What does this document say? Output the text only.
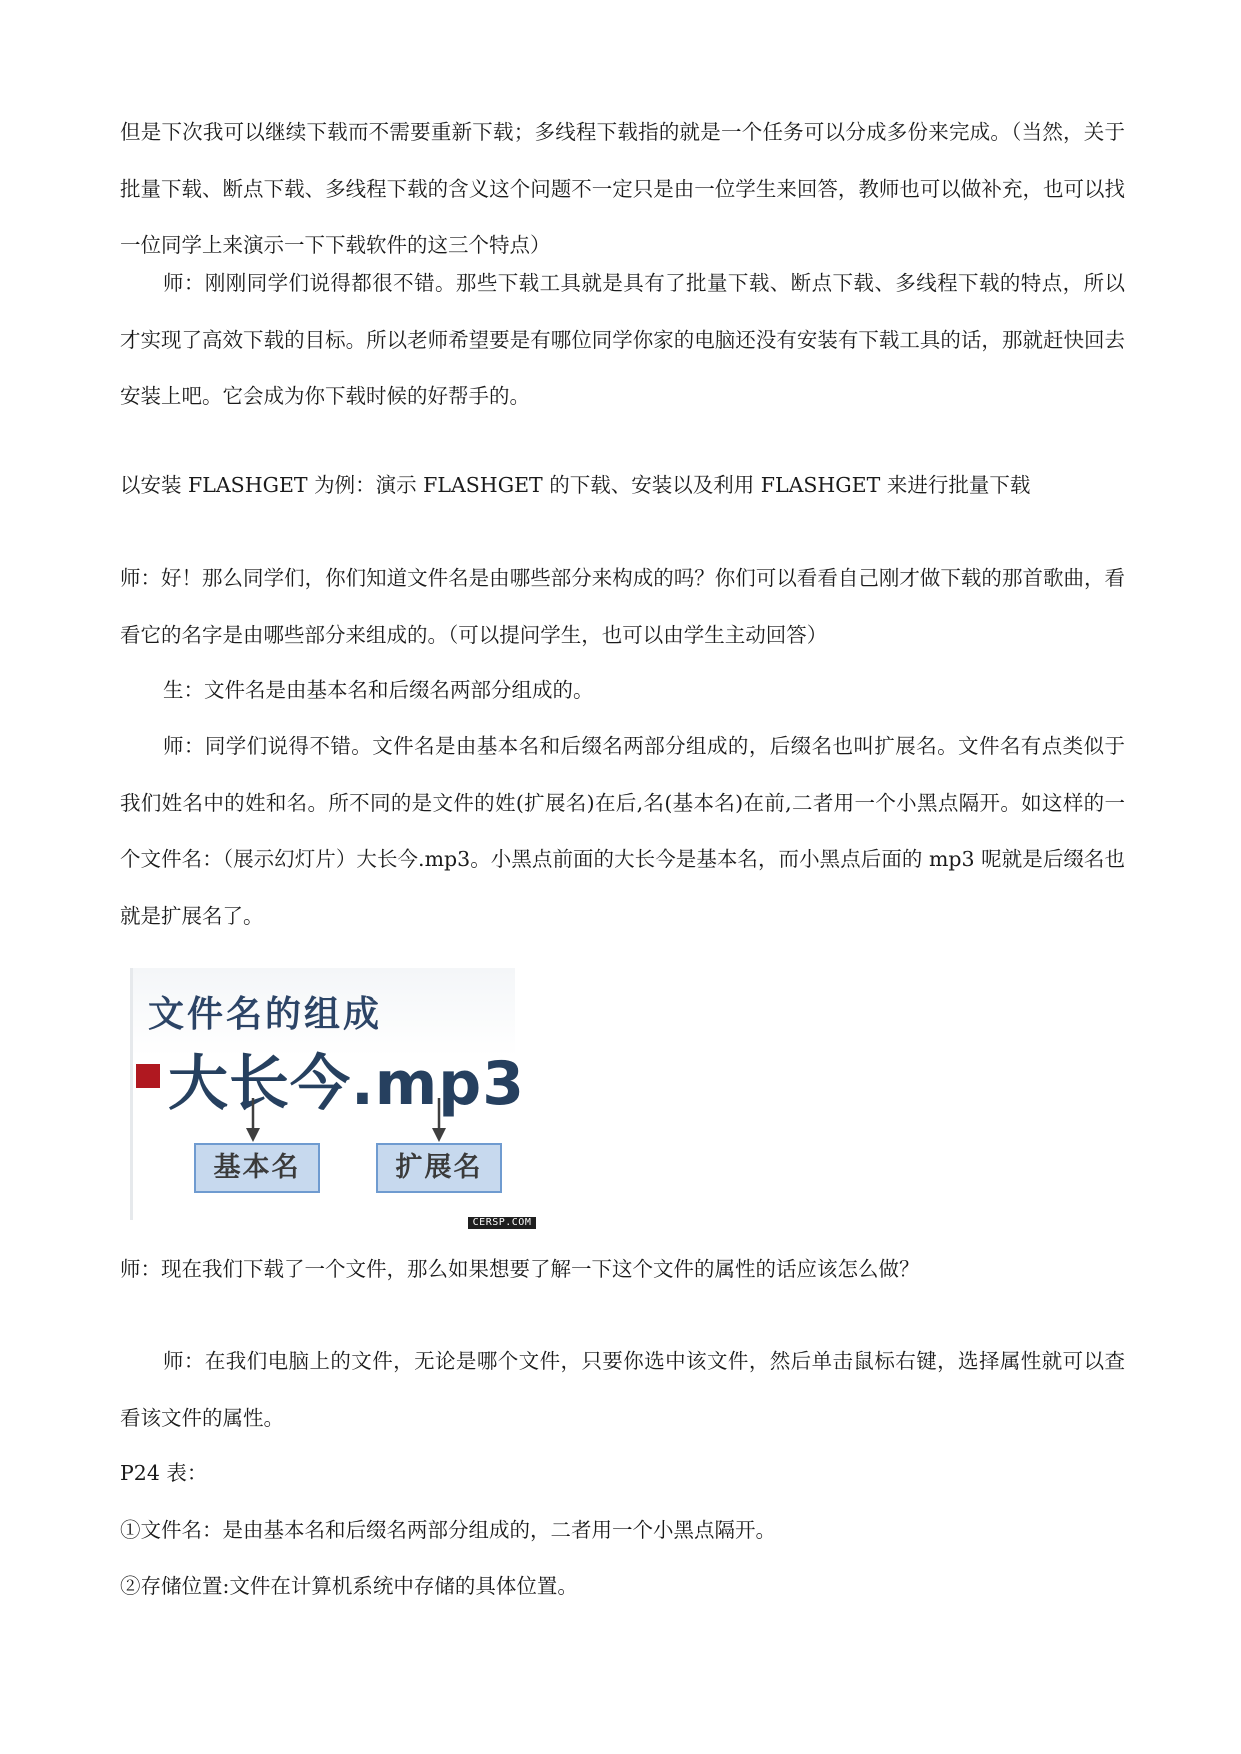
但是下次我可以继续下载而不需要重新下载；多线程下载指的就是一个任务可以分成多份来完成。（当然，关于批量下载、断点下载、多线程下载的含义这个问题不一定只是由一位学生来回答，教师也可以做补充，也可以找一位同学上来演示一下下载软件的这三个特点）

师：刚刚同学们说得都很不错。那些下载工具就是具有了批量下载、断点下载、多线程下载的特点，所以才实现了高效下载的目标。所以老师希望要是有哪位同学你家的电脑还没有安装有下载工具的话，那就赶快回去安装上吧。它会成为你下载时候的好帮手的。

以安装 FLASHGET 为例：演示 FLASHGET 的下载、安装以及利用 FLASHGET 来进行批量下载

师：好！那么同学们，你们知道文件名是由哪些部分来构成的吗？你们可以看看自己刚才做下载的那首歌曲，看看它的名字是由哪些部分来组成的。（可以提问学生，也可以由学生主动回答）

生：文件名是由基本名和后缀名两部分组成的。

师：同学们说得不错。文件名是由基本名和后缀名两部分组成的，后缀名也叫扩展名。文件名有点类似于我们姓名中的姓和名。所不同的是文件的姓(扩展名)在后,名(基本名)在前,二者用一个小黑点隔开。如这样的一个文件名：（展示幻灯片）大长今.mp3。小黑点前面的大长今是基本名，而小黑点后面的 mp3 呢就是后缀名也就是扩展名了。

文件名的组成
大长今.mp3
基本名	扩展名
CERSP.COM

师：现在我们下载了一个文件，那么如果想要了解一下这个文件的属性的话应该怎么做？

师：在我们电脑上的文件，无论是哪个文件，只要你选中该文件，然后单击鼠标右键，选择属性就可以查看该文件的属性。

P24 表：

①文件名：是由基本名和后缀名两部分组成的，二者用一个小黑点隔开。

②存储位置:文件在计算机系统中存储的具体位置。
